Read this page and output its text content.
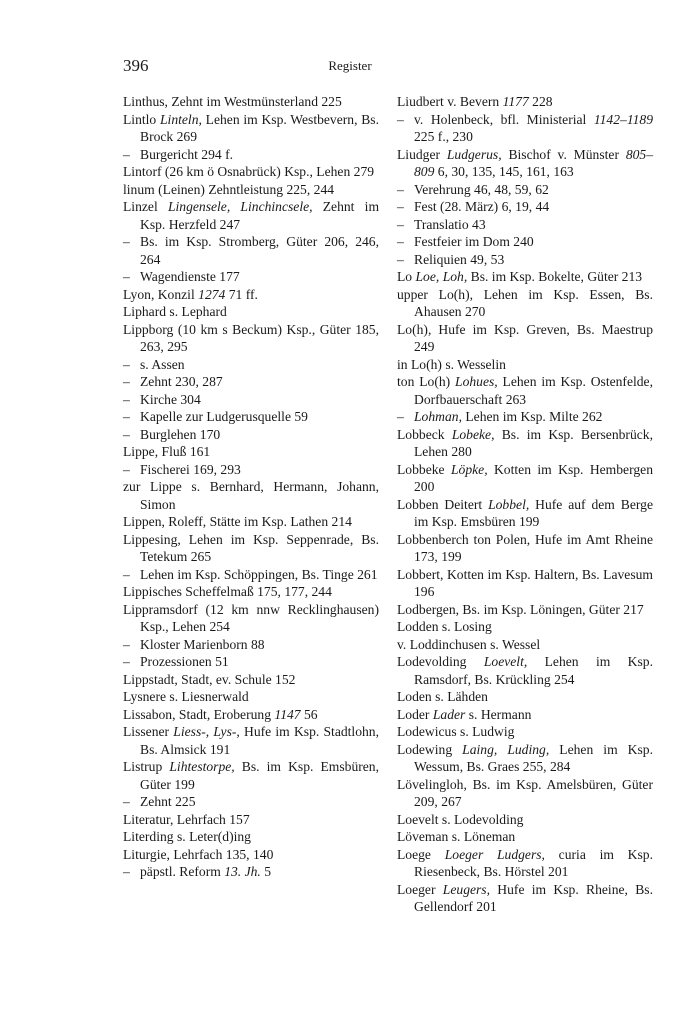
396	Register
Linthus, Zehnt im Westmünsterland 225
Lintlo Linteln, Lehen im Ksp. Westbevern, Bs. Brock 269
– Burgericht 294 f.
Lintorf (26 km ö Osnabrück) Ksp., Lehen 279
linum (Leinen) Zehntleistung 225, 244
Linzel Lingensele, Linchincsele, Zehnt im Ksp. Herzfeld 247
– Bs. im Ksp. Stromberg, Güter 206, 246, 264
– Wagendienste 177
Lyon, Konzil 1274 71 ff.
Liphard s. Lephard
Lippborg (10 km s Beckum) Ksp., Güter 185, 263, 295
– s. Assen
– Zehnt 230, 287
– Kirche 304
– Kapelle zur Ludgerusquelle 59
– Burglehen 170
Lippe, Fluß 161
– Fischerei 169, 293
zur Lippe s. Bernhard, Hermann, Johann, Simon
Lippen, Roleff, Stätte im Ksp. Lathen 214
Lippesing, Lehen im Ksp. Seppenrade, Bs. Tetekum 265
– Lehen im Ksp. Schöppingen, Bs. Tinge 261
Lippisches Scheffelmaß 175, 177, 244
Lippramsdorf (12 km nnw Recklinghausen) Ksp., Lehen 254
– Kloster Marienborn 88
– Prozessionen 51
Lippstadt, Stadt, ev. Schule 152
Lysnere s. Liesnerwald
Lissabon, Stadt, Eroberung 1147 56
Lissener Liess-, Lys-, Hufe im Ksp. Stadtlohn, Bs. Almsick 191
Listrup Lihtestorpe, Bs. im Ksp. Emsbüren, Güter 199
– Zehnt 225
Literatur, Lehrfach 157
Literding s. Leter(d)ing
Liturgie, Lehrfach 135, 140
– päpstl. Reform 13. Jh. 5
Liudbert v. Bevern 1177 228
– v. Holenbeck, bfl. Ministerial 1142–1189 225 f., 230
Liudger Ludgerus, Bischof v. Münster 805–809 6, 30, 135, 145, 161, 163
– Verehrung 46, 48, 59, 62
– Fest (28. März) 6, 19, 44
– Translatio 43
– Festfeier im Dom 240
– Reliquien 49, 53
Lo Loe, Loh, Bs. im Ksp. Bokelte, Güter 213
upper Lo(h), Lehen im Ksp. Essen, Bs. Ahausen 270
Lo(h), Hufe im Ksp. Greven, Bs. Maestrup 249
in Lo(h) s. Wesselin
ton Lo(h) Lohues, Lehen im Ksp. Ostenfelde, Dorfbauerschaft 263
– Lohman, Lehen im Ksp. Milte 262
Lobbeck Lobeke, Bs. im Ksp. Bersenbrück, Lehen 280
Lobbeke Löpke, Kotten im Ksp. Hembergen 200
Lobben Deitert Lobbel, Hufe auf dem Berge im Ksp. Emsbüren 199
Lobbenberch ton Polen, Hufe im Amt Rheine 173, 199
Lobbert, Kotten im Ksp. Haltern, Bs. Lavesum 196
Lodbergen, Bs. im Ksp. Löningen, Güter 217
Lodden s. Losing
v. Loddinchusen s. Wessel
Lodevolding Loevelt, Lehen im Ksp. Ramsdorf, Bs. Krückling 254
Loden s. Lähden
Loder Lader s. Hermann
Lodewicus s. Ludwig
Lodewing Laing, Luding, Lehen im Ksp. Wessum, Bs. Graes 255, 284
Lövelingloh, Bs. im Ksp. Amelsbüren, Güter 209, 267
Loevelt s. Lodevolding
Löveman s. Löneman
Loege Loeger Ludgers, curia im Ksp. Riesenbeck, Bs. Hörstel 201
Loeger Leugers, Hufe im Ksp. Rheine, Bs. Gellendorf 201
